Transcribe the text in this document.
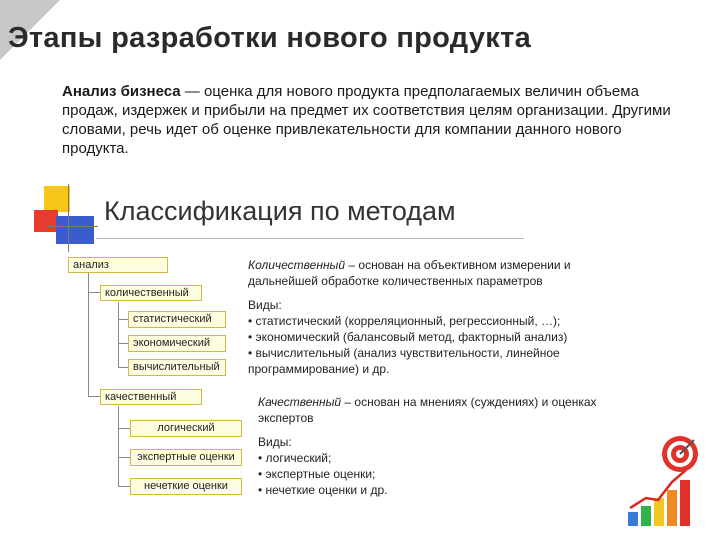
Этапы разработки нового продукта
Анализ бизнеса — оценка для нового продукта предполагаемых величин объема продаж, издержек и прибыли на предмет их соответствия целям организации. Другими словами, речь идет об оценке привлекательности для компании данного нового продукта.
Классификация по методам
анализ
количественный
статистический
экономический
вычислительный
качественный
логический
экспертные оценки
нечеткие оценки

Количественный – основан на объективном измерении и дальнейшей обработке количественных параметров

Виды:

• статистический (корреляционный, регрессионный, …);

• экономический (балансовый метод, факторный анализ)

• вычислительный (анализ чувствительности, линейное программирование) и др.

Качественный – основан на мнениях (суждениях) и оценках экспертов

Виды:

• логический;

• экспертные оценки;

• нечеткие оценки и др.
